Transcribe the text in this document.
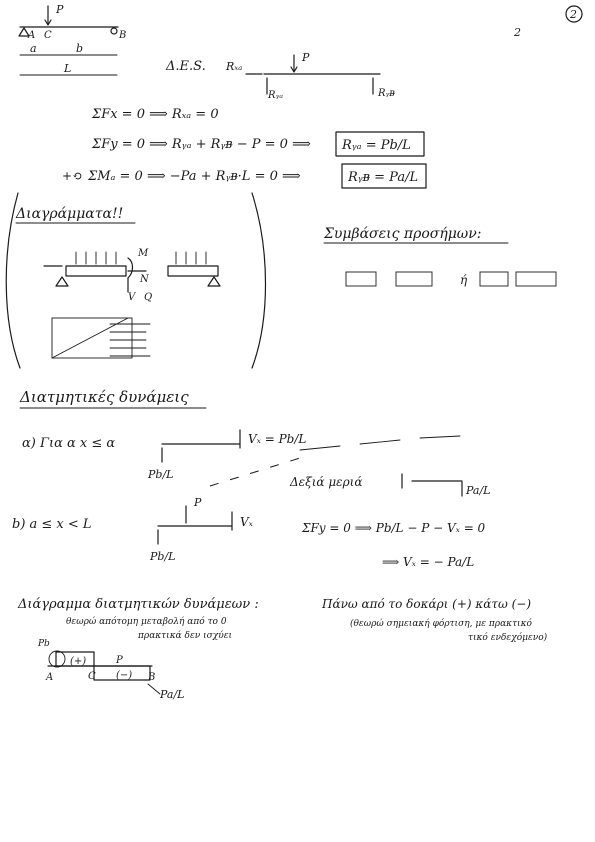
2
2
P
A C	B
a	b
L	Δ.Ε.S. Rₓₐ
P
Rᵧₐ	Rᵧᴃ
ΣFx = 0 ⟹ Rₓₐ = 0
ΣFy = 0 ⟹ Rᵧₐ + Rᵧᴃ − P = 0 ⟹ Rᵧₐ = Pb/L
+⟲ ΣMₐ = 0 ⟹ −Pa + Rᵧᴃ·L = 0 ⟹	Rᵧᴃ = Pa/L
Διαγράμματα!!
M
N
V Q
Συμβάσεις προσήμων:
ή
Διατμητικές δυνάμεις
α) Για α x ≤ α	Vₓ = Pb/L
Pb/L
Δεξιά μεριά
Pa/L
b) a ≤ x < L
P
Vₓ
Pb/L
ΣFy = 0 ⟹ Pb/L − P − Vₓ = 0
⟹ Vₓ = − Pa/L
Διάγραμμα διατμητικών δυνάμεων :	Πάνω από το δοκάρι (+) κάτω (−)
θεωρώ απότομη μεταβολή από το 0
πρακτικά δεν ισχύει
(θεωρώ σημειακή φόρτιση, με πρακτικό
τικό ενδεχόμενο)
Pb
(+)
(−)
A	C	B
P
Pa/L
